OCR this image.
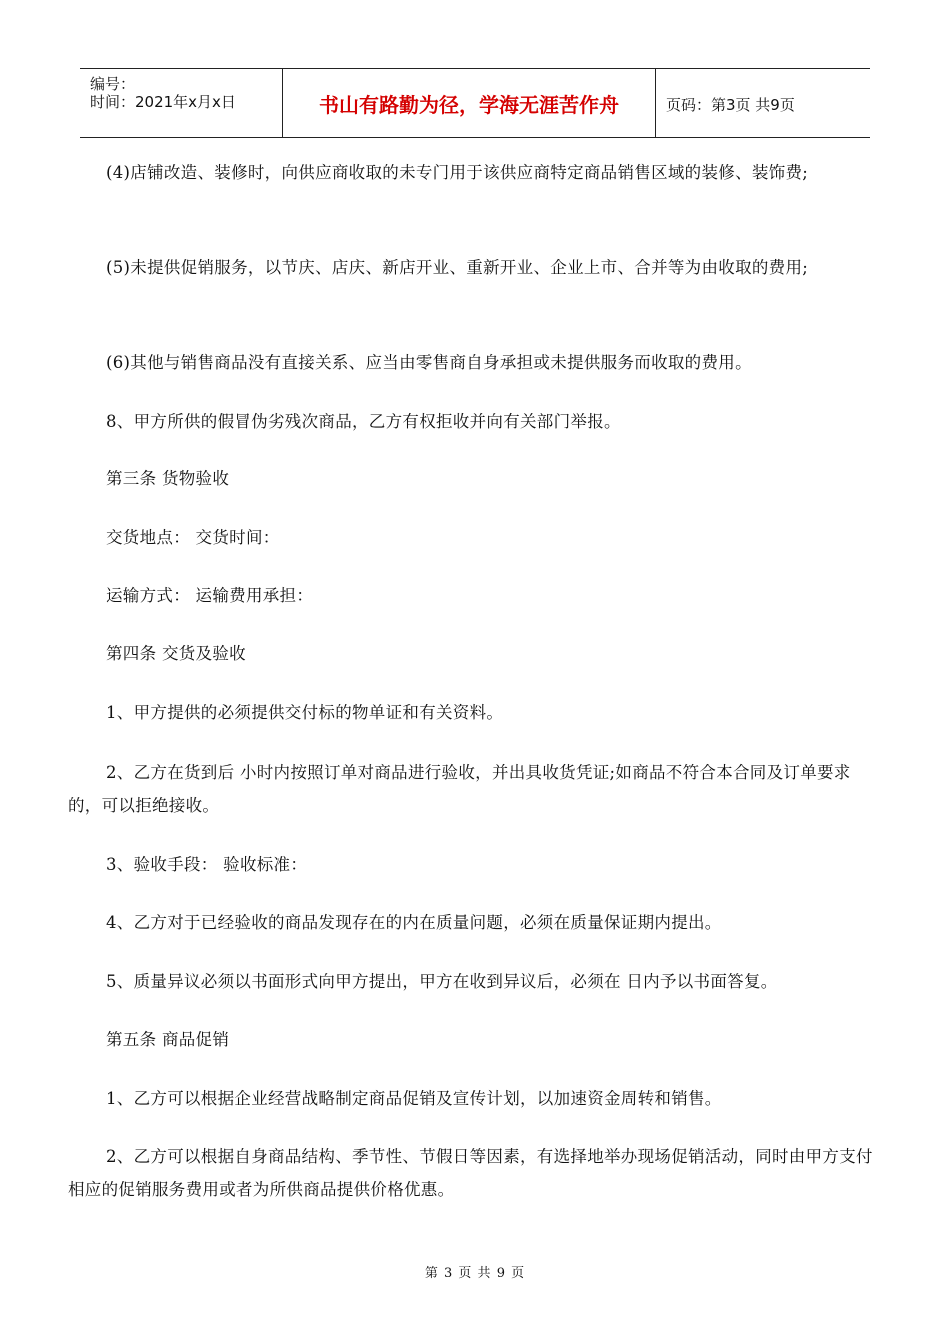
编号：
时间：2021年x月x日	书山有路勤为径，学海无涯苦作舟	页码：第3页 共9页

(4)店铺改造、装修时，向供应商收取的未专门用于该供应商特定商品销售区域的装修、装饰费;

(5)未提供促销服务，以节庆、店庆、新店开业、重新开业、企业上市、合并等为由收取的费用;

(6)其他与销售商品没有直接关系、应当由零售商自身承担或未提供服务而收取的费用。

8、甲方所供的假冒伪劣残次商品，乙方有权拒收并向有关部门举报。

第三条 货物验收

交货地点： 交货时间：

运输方式： 运输费用承担：

第四条 交货及验收

1、甲方提供的必须提供交付标的物单证和有关资料。

2、乙方在货到后 小时内按照订单对商品进行验收，并出具收货凭证;如商品不符合本合同及订单要求的，可以拒绝接收。

3、验收手段： 验收标准：

4、乙方对于已经验收的商品发现存在的内在质量问题，必须在质量保证期内提出。

5、质量异议必须以书面形式向甲方提出，甲方在收到异议后，必须在 日内予以书面答复。

第五条 商品促销

1、乙方可以根据企业经营战略制定商品促销及宣传计划，以加速资金周转和销售。

2、乙方可以根据自身商品结构、季节性、节假日等因素，有选择地举办现场促销活动，同时由甲方支付相应的促销服务费用或者为所供商品提供价格优惠。

第 3 页 共 9 页
